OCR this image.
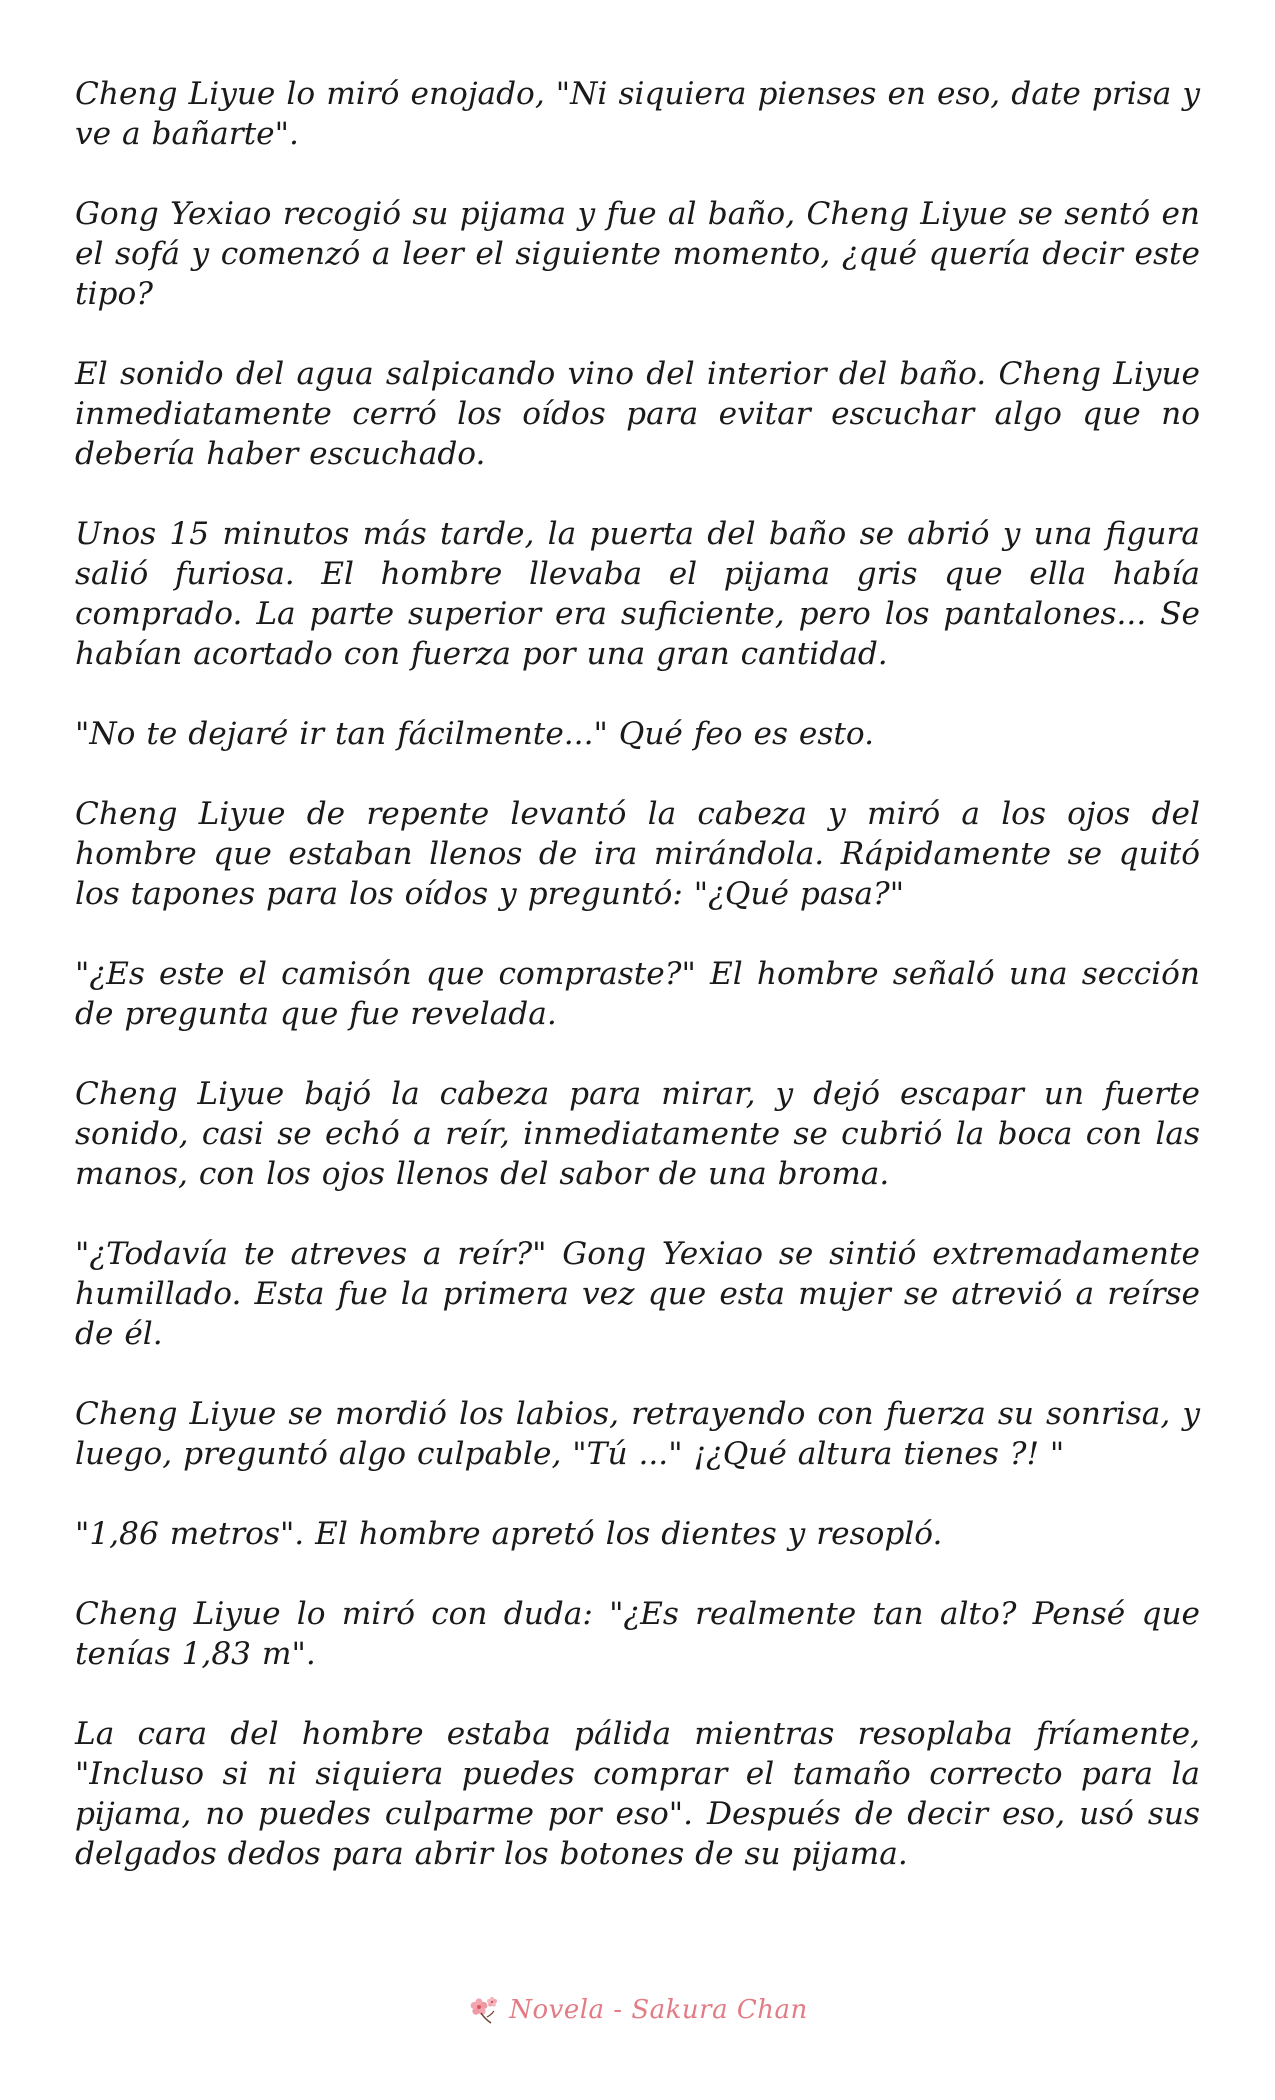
Cheng Liyue lo miró enojado, "Ni siquiera pienses en eso, date prisa y ve a bañarte".

Gong Yexiao recogió su pijama y fue al baño, Cheng Liyue se sentó en el sofá y comenzó a leer el siguiente momento, ¿qué quería decir este tipo?

El sonido del agua salpicando vino del interior del baño. Cheng Liyue inmediatamente cerró los oídos para evitar escuchar algo que no debería haber escuchado.

Unos 15 minutos más tarde, la puerta del baño se abrió y una figura salió furiosa. El hombre llevaba el pijama gris que ella había comprado. La parte superior era suficiente, pero los pantalones... Se habían acortado con fuerza por una gran cantidad.

"No te dejaré ir tan fácilmente..." Qué feo es esto.

Cheng Liyue de repente levantó la cabeza y miró a los ojos del hombre que estaban llenos de ira mirándola. Rápidamente se quitó los tapones para los oídos y preguntó: "¿Qué pasa?"

"¿Es este el camisón que compraste?" El hombre señaló una sección de pregunta que fue revelada.

Cheng Liyue bajó la cabeza para mirar, y dejó escapar un fuerte sonido, casi se echó a reír, inmediatamente se cubrió la boca con las manos, con los ojos llenos del sabor de una broma.

"¿Todavía te atreves a reír?" Gong Yexiao se sintió extremadamente humillado. Esta fue la primera vez que esta mujer se atrevió a reírse de él.

Cheng Liyue se mordió los labios, retrayendo con fuerza su sonrisa, y luego, preguntó algo culpable, "Tú ..." ¡¿Qué altura tienes ?! "

"1,86 metros". El hombre apretó los dientes y resopló.

Cheng Liyue lo miró con duda: "¿Es realmente tan alto? Pensé que tenías 1,83 m".

La cara del hombre estaba pálida mientras resoplaba fríamente, "Incluso si ni siquiera puedes comprar el tamaño correcto para la pijama, no puedes culparme por eso". Después de decir eso, usó sus delgados dedos para abrir los botones de su pijama.

Novela - Sakura Chan
